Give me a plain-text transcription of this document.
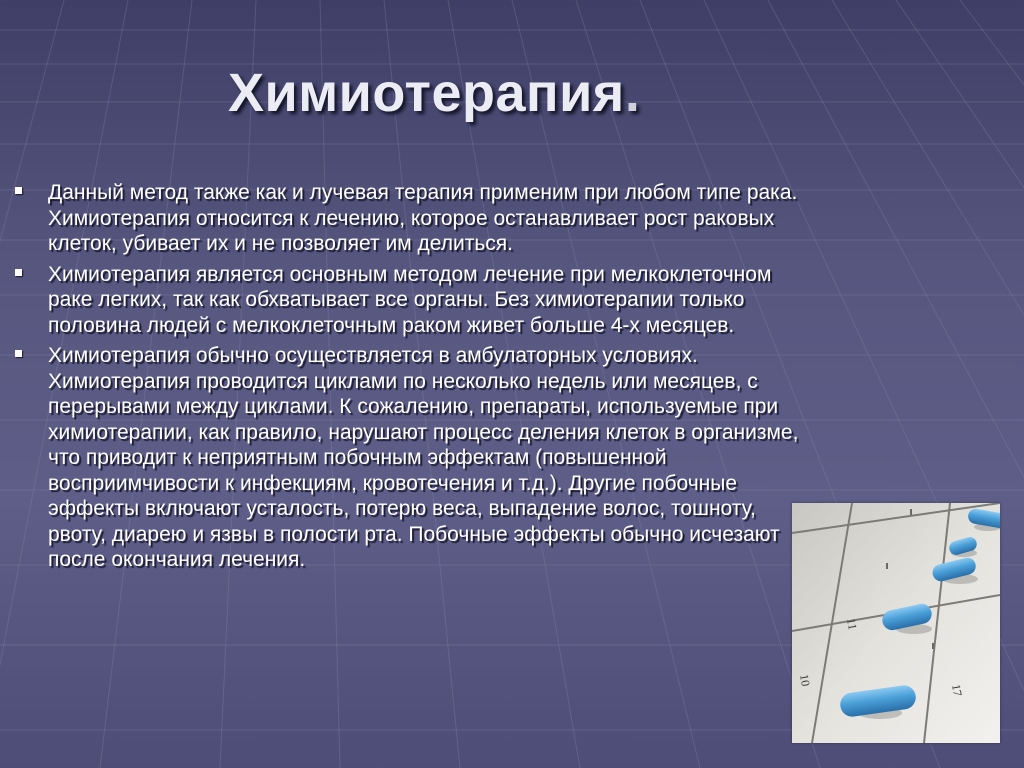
Химиотерапия.
Данный метод также как и лучевая терапия применим при любом типе рака. Химиотерапия относится к лечению, которое останавливает рост раковых клеток, убивает их и не позволяет им делиться.
Химиотерапия является основным методом лечение при мелкоклеточном раке легких, так как обхватывает все органы. Без химиотерапии только половина людей с мелкоклеточным раком живет больше 4-х месяцев.
Химиотерапия обычно осуществляется в амбулаторных условиях. Химиотерапия проводится циклами по несколько недель или месяцев, с перерывами между циклами. К сожалению, препараты, используемые при химиотерапии, как правило, нарушают процесс деления клеток в организме, что приводит к неприятным побочным эффектам (повышенной восприимчивости к инфекциям, кровотечения и т.д.). Другие побочные эффекты включают усталость, потерю веса, выпадение волос, тошноту, рвоту, диарею и язвы в полости рта. Побочные эффекты обычно исчезают после окончания лечения.
11
10
17
